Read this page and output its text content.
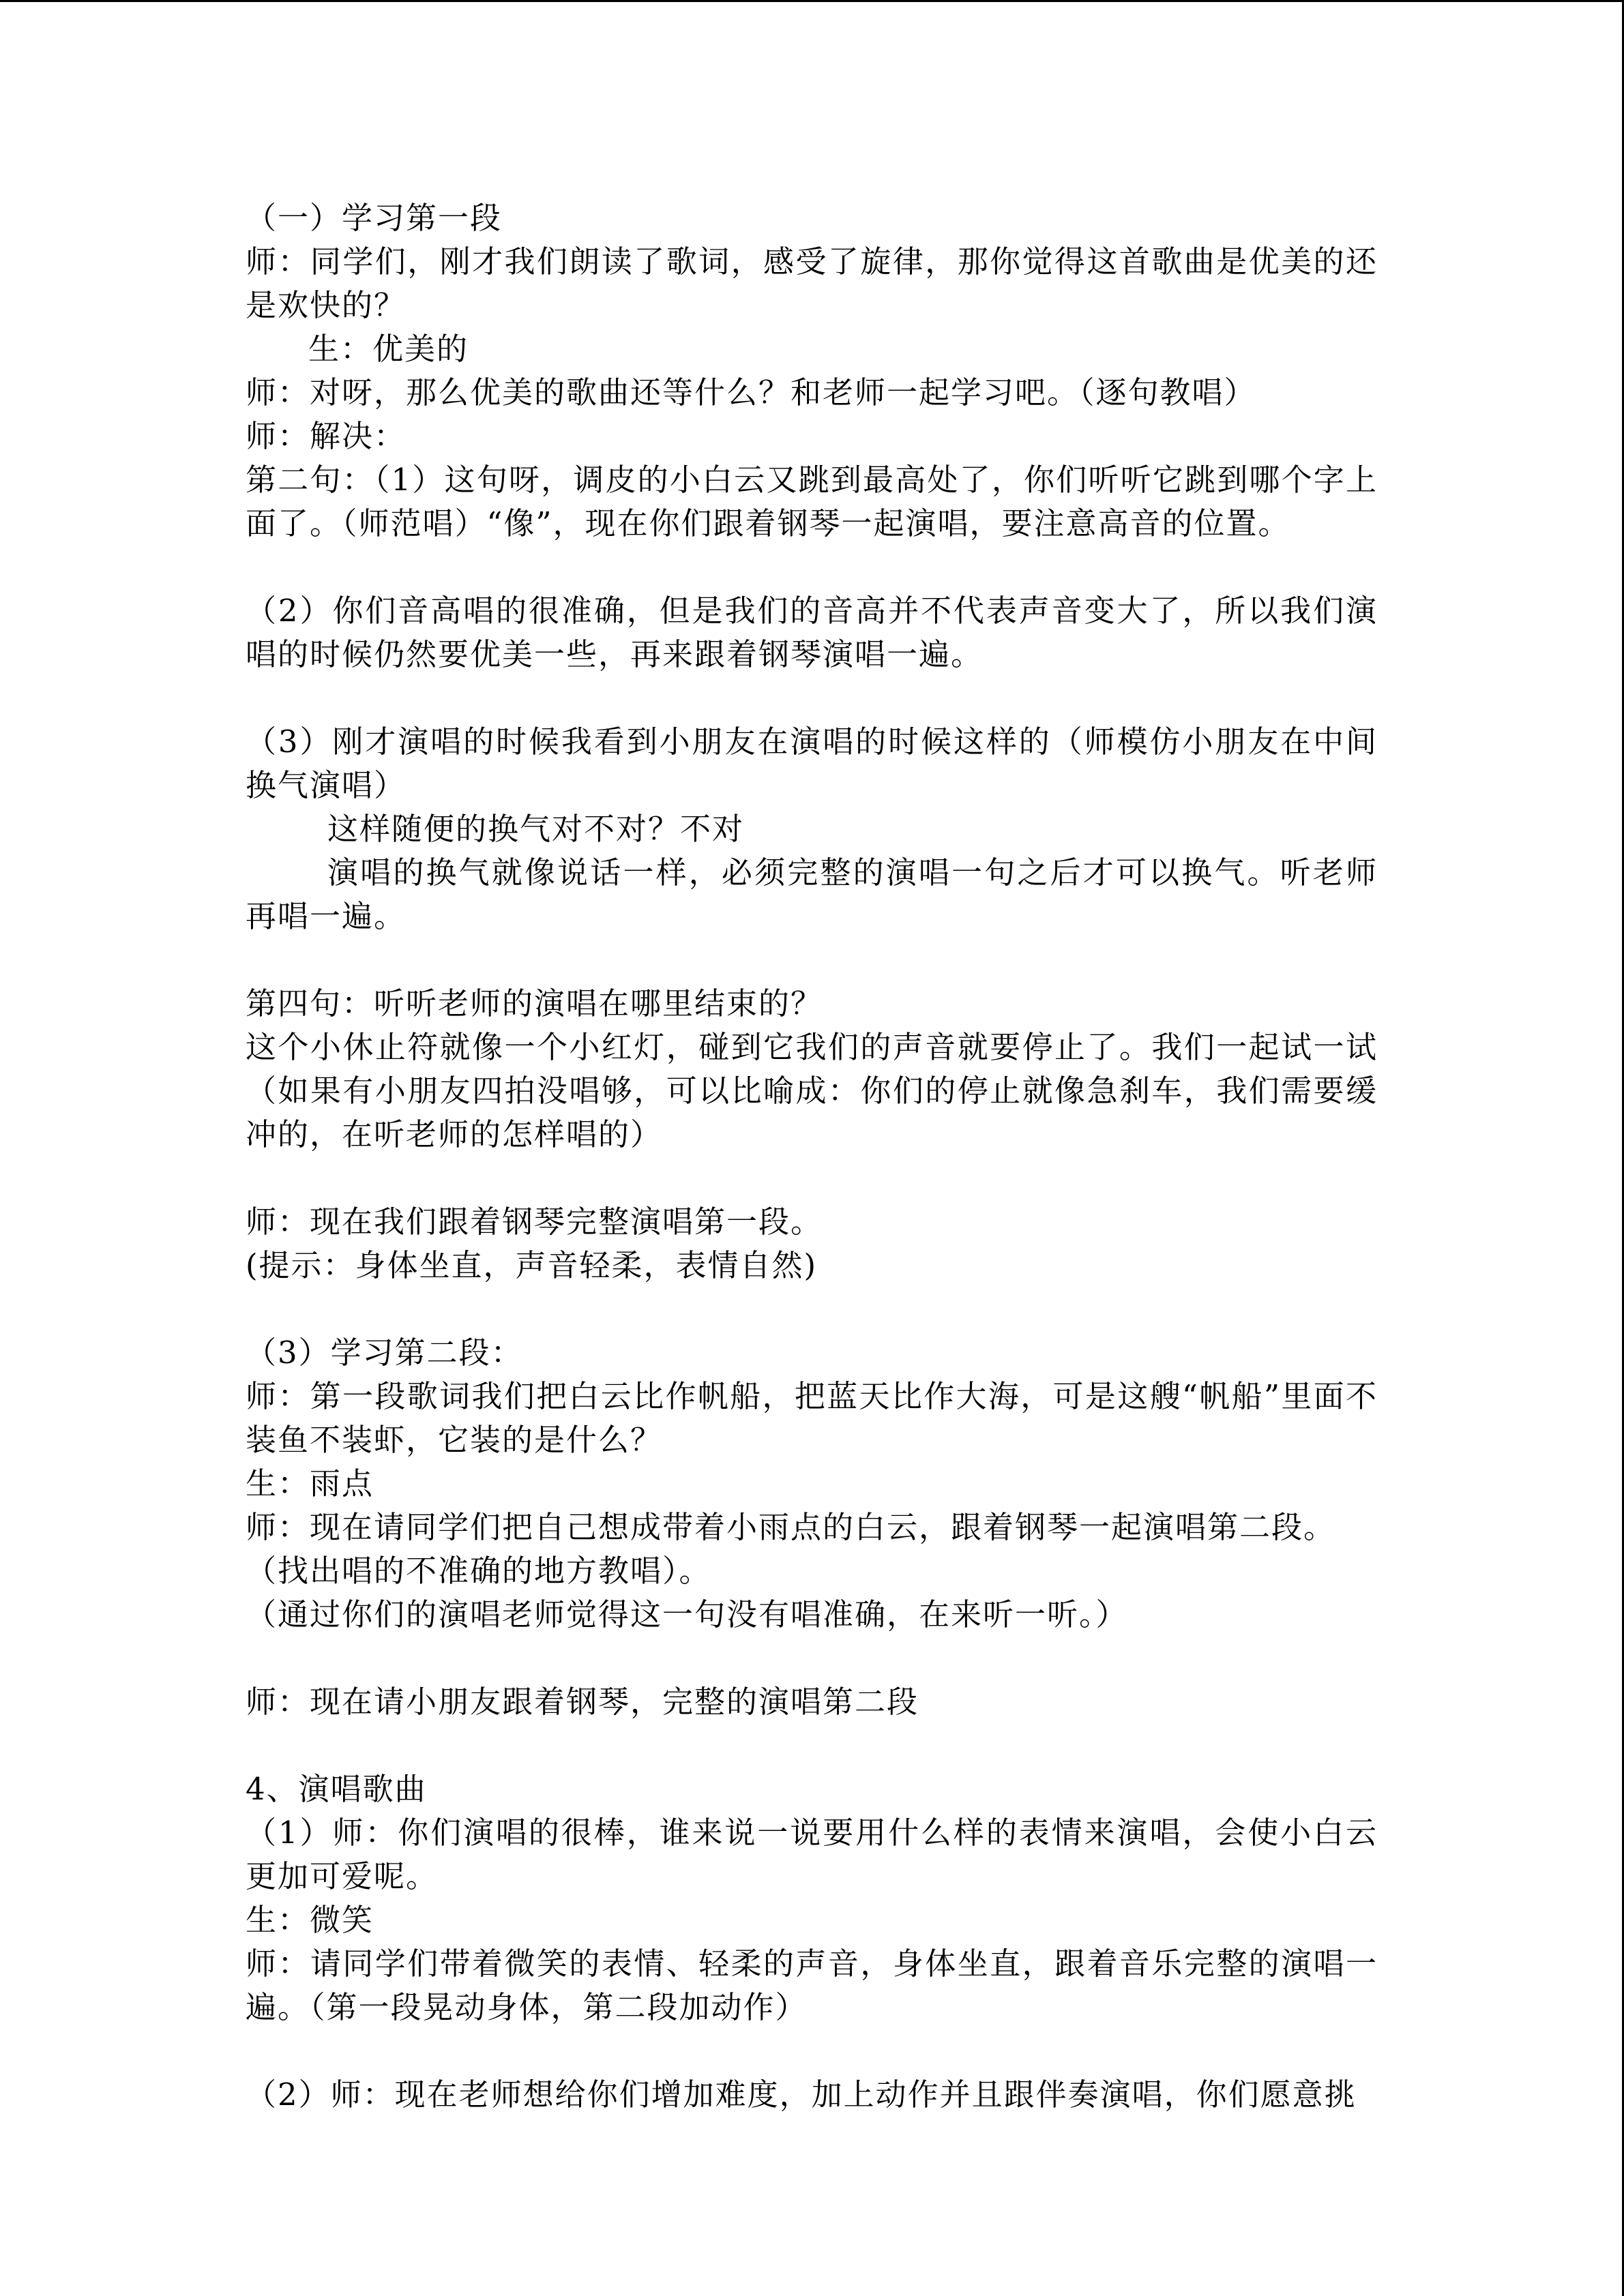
（一）学习第一段

师：同学们，刚才我们朗读了歌词，感受了旋律，那你觉得这首歌曲是优美的还是欢快的？

生：优美的

师：对呀，那么优美的歌曲还等什么？和老师一起学习吧。（逐句教唱）

师：解决：

第二句：（1）这句呀，调皮的小白云又跳到最高处了，你们听听它跳到哪个字上面了。（师范唱）“像”，现在你们跟着钢琴一起演唱，要注意高音的位置。

（2）你们音高唱的很准确，但是我们的音高并不代表声音变大了，所以我们演唱的时候仍然要优美一些，再来跟着钢琴演唱一遍。

（3）刚才演唱的时候我看到小朋友在演唱的时候这样的（师模仿小朋友在中间换气演唱）

这样随便的换气对不对？不对

演唱的换气就像说话一样，必须完整的演唱一句之后才可以换气。听老师再唱一遍。

第四句：听听老师的演唱在哪里结束的？

这个小休止符就像一个小红灯，碰到它我们的声音就要停止了。我们一起试一试（如果有小朋友四拍没唱够，可以比喻成：你们的停止就像急刹车，我们需要缓冲的，在听老师的怎样唱的）

师：现在我们跟着钢琴完整演唱第一段。

(提示：身体坐直，声音轻柔，表情自然)

（3）学习第二段：

师：第一段歌词我们把白云比作帆船，把蓝天比作大海，可是这艘“帆船”里面不装鱼不装虾，它装的是什么？

生：雨点

师：现在请同学们把自己想成带着小雨点的白云，跟着钢琴一起演唱第二段。

（找出唱的不准确的地方教唱）。

（通过你们的演唱老师觉得这一句没有唱准确，在来听一听。）

师：现在请小朋友跟着钢琴，完整的演唱第二段

4、演唱歌曲

（1）师：你们演唱的很棒，谁来说一说要用什么样的表情来演唱，会使小白云更加可爱呢。

生：微笑

师：请同学们带着微笑的表情、轻柔的声音，身体坐直，跟着音乐完整的演唱一遍。（第一段晃动身体，第二段加动作）

（2）师：现在老师想给你们增加难度，加上动作并且跟伴奏演唱，你们愿意挑
